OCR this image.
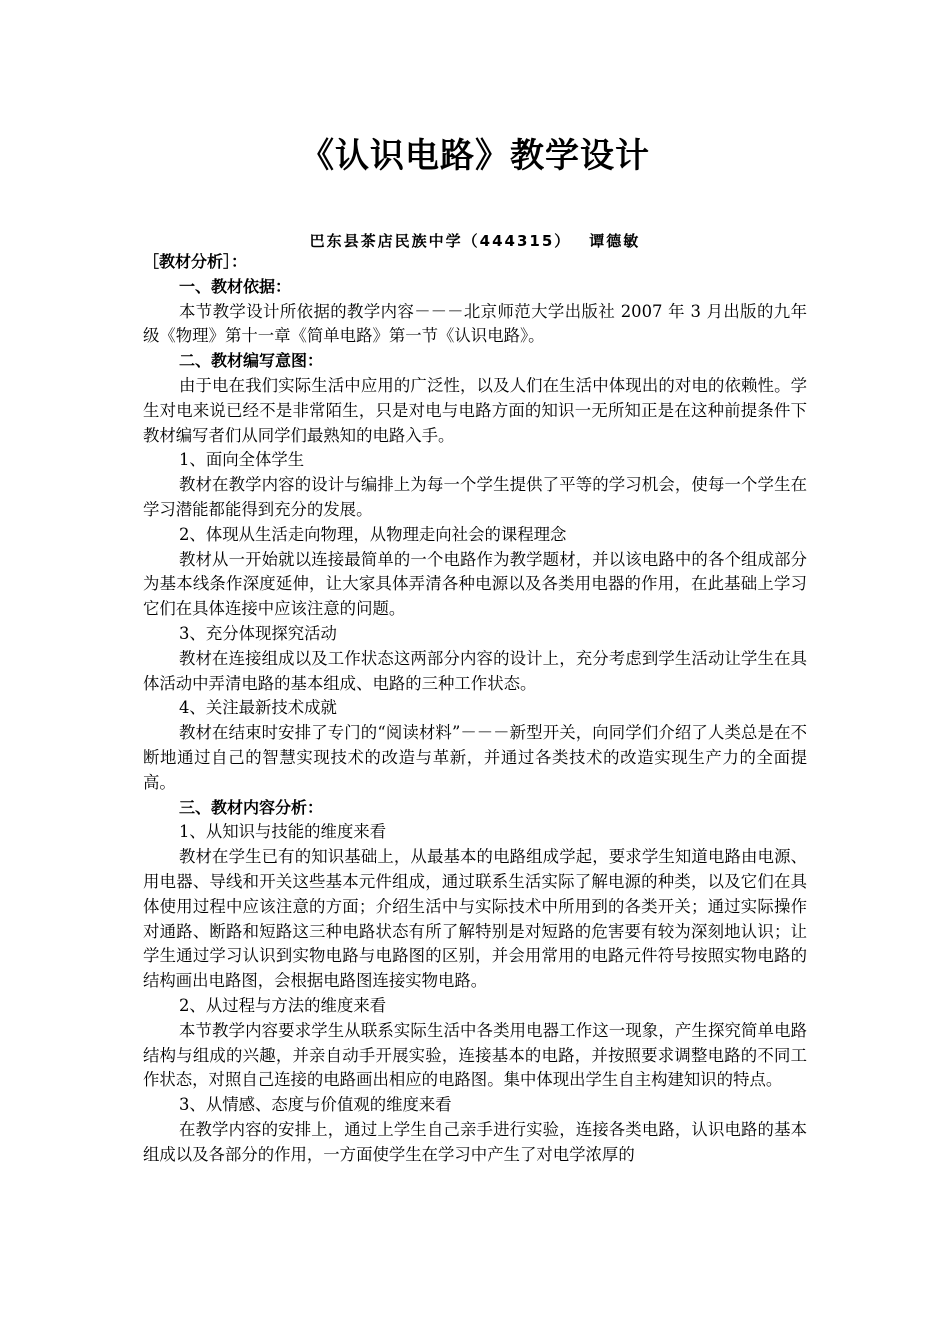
《认识电路》教学设计
巴东县茶店民族中学（444315） 谭德敏

［教材分析］：

一、教材依据：

本节教学设计所依据的教学内容－－－北京师范大学出版社 2007 年 3 月出版的九年级《物理》第十一章《简单电路》第一节《认识电路》。

二、教材编写意图：

由于电在我们实际生活中应用的广泛性，以及人们在生活中体现出的对电的依赖性。学生对电来说已经不是非常陌生，只是对电与电路方面的知识一无所知正是在这种前提条件下教材编写者们从同学们最熟知的电路入手。

1、面向全体学生

教材在教学内容的设计与编排上为每一个学生提供了平等的学习机会，使每一个学生在学习潜能都能得到充分的发展。

2、体现从生活走向物理，从物理走向社会的课程理念

教材从一开始就以连接最简单的一个电路作为教学题材，并以该电路中的各个组成部分为基本线条作深度延伸，让大家具体弄清各种电源以及各类用电器的作用，在此基础上学习它们在具体连接中应该注意的问题。

3、充分体现探究活动

教材在连接组成以及工作状态这两部分内容的设计上，充分考虑到学生活动让学生在具体活动中弄清电路的基本组成、电路的三种工作状态。

4、关注最新技术成就

教材在结束时安排了专门的“阅读材料”－－－新型开关，向同学们介绍了人类总是在不断地通过自己的智慧实现技术的改造与革新，并通过各类技术的改造实现生产力的全面提高。

三、教材内容分析：

1、从知识与技能的维度来看

教材在学生已有的知识基础上，从最基本的电路组成学起，要求学生知道电路由电源、用电器、导线和开关这些基本元件组成，通过联系生活实际了解电源的种类，以及它们在具体使用过程中应该注意的方面；介绍生活中与实际技术中所用到的各类开关；通过实际操作对通路、断路和短路这三种电路状态有所了解特别是对短路的危害要有较为深刻地认识；让学生通过学习认识到实物电路与电路图的区别，并会用常用的电路元件符号按照实物电路的结构画出电路图，会根据电路图连接实物电路。

2、从过程与方法的维度来看

本节教学内容要求学生从联系实际生活中各类用电器工作这一现象，产生探究简单电路结构与组成的兴趣，并亲自动手开展实验，连接基本的电路，并按照要求调整电路的不同工作状态，对照自己连接的电路画出相应的电路图。集中体现出学生自主构建知识的特点。

3、从情感、态度与价值观的维度来看

在教学内容的安排上，通过上学生自己亲手进行实验，连接各类电路，认识电路的基本组成以及各部分的作用，一方面使学生在学习中产生了对电学浓厚的
